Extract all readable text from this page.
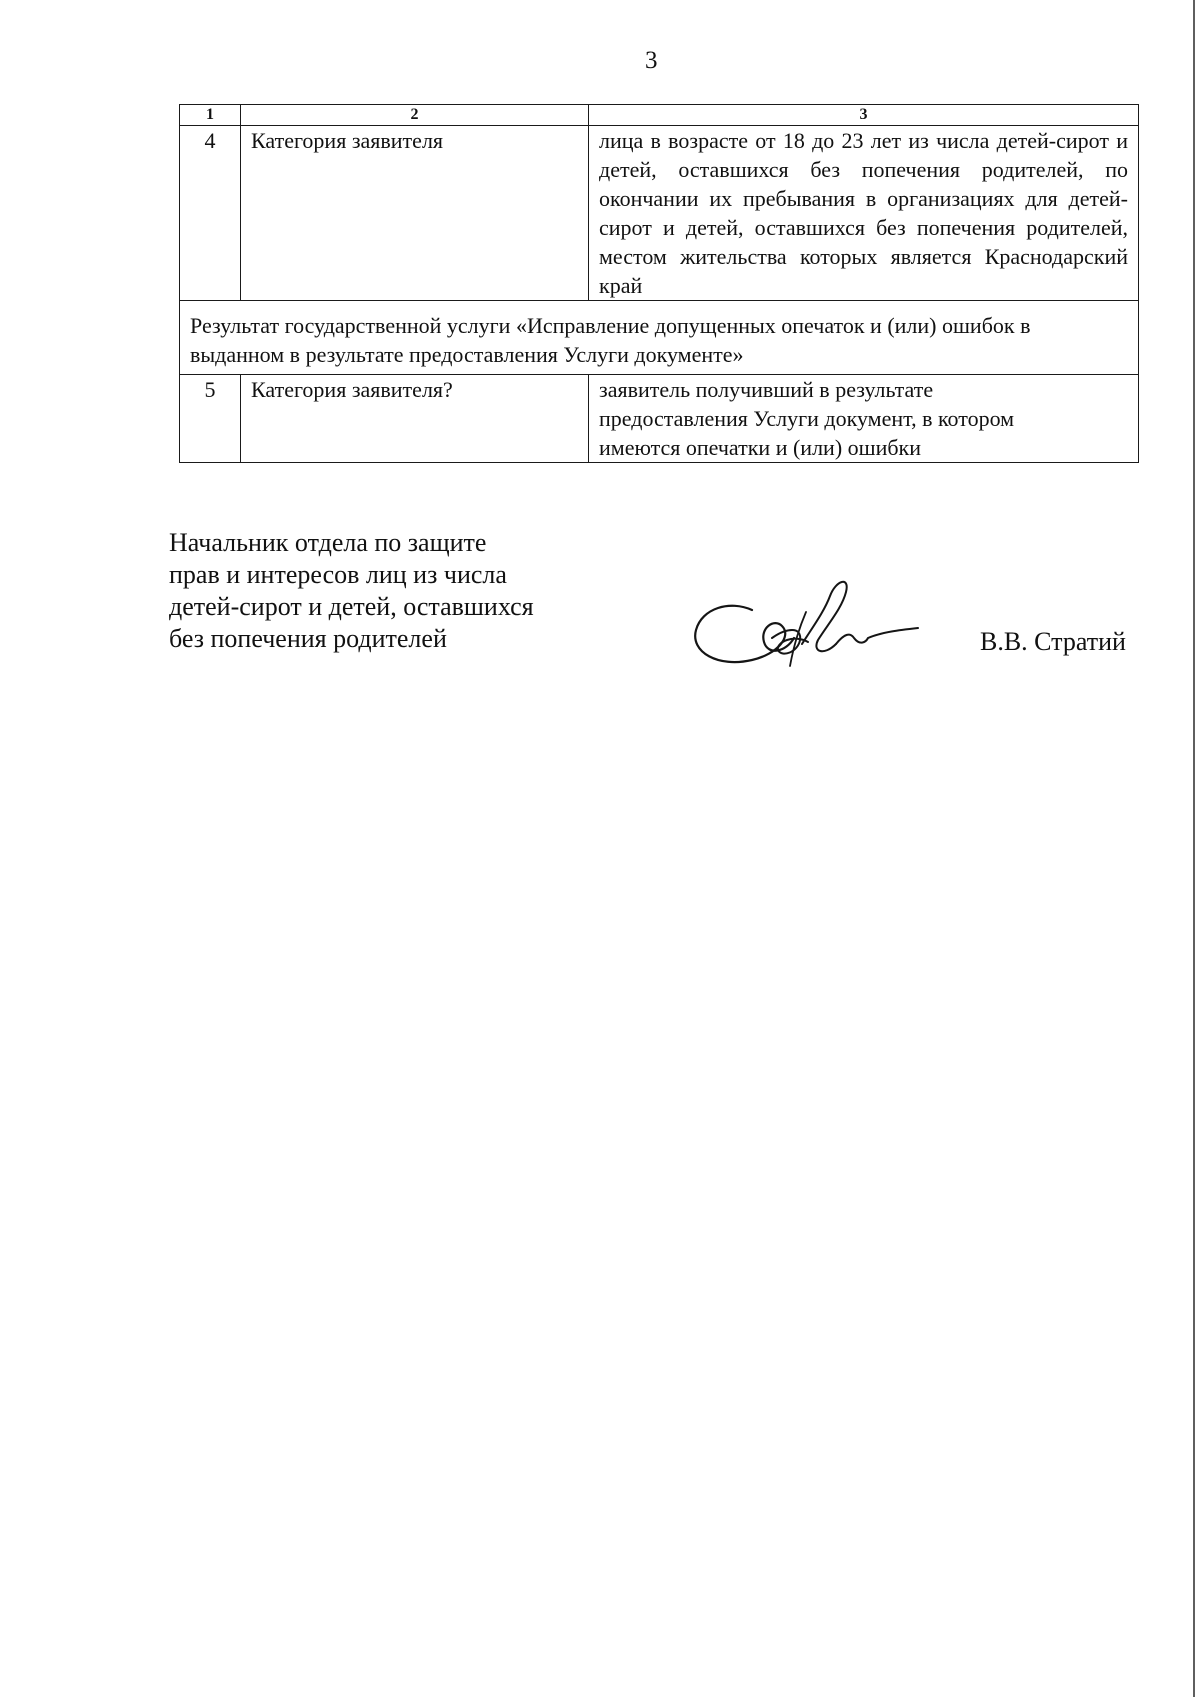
3
1	2	3
4	Категория заявителя	лица в возрасте от 18 до 23 лет из числа детей-сирот и детей, оставшихся без попечения родителей, по окончании их пребывания в организациях для детей-сирот и детей, оставшихся без попечения родителей, местом жительства которых является Краснодарский край
Результат государственной услуги «Исправление допущенных опечаток и (или) ошибок в выданном в результате предоставления Услуги документе»		
5	Категория заявителя?	заявитель получивший в результате
предоставления Услуги документ, в котором
имеются опечатки и (или) ошибки
Начальник отдела по защите
прав и интересов лиц из числа
детей-сирот и детей, оставшихся
без попечения родителей	В.В. Стратий
